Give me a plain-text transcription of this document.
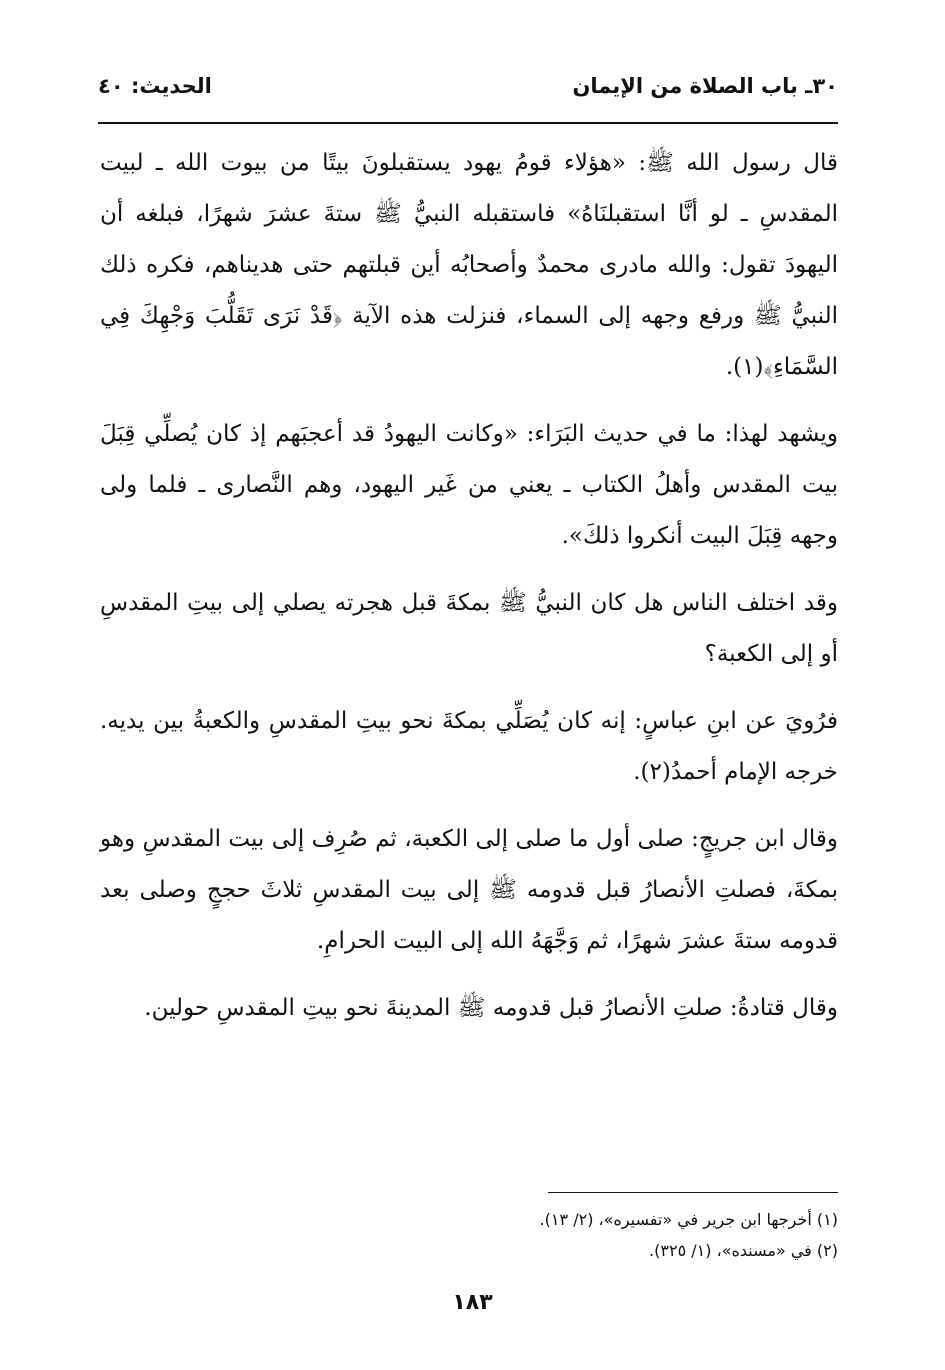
٣٠ـ باب الصلاة من الإيمان
الحديث: ٤٠

قال رسول الله ﷺ: «هؤلاء قومُ يهود يستقبلونَ بيتًا من بيوت الله ـ لبيت المقدسِ ـ لو أنَّا استقبلنَاهُ» فاستقبله النبيُّ ﷺ ستةَ عشرَ شهرًا، فبلغه أن اليهودَ تقول: والله مادرى محمدٌ وأصحابُه أين قبلتهم حتى هديناهم، فكره ذلك النبيُّ ﷺ ورفع وجهه إلى السماء، فنزلت هذه الآية ﴿قَدْ نَرَى تَقَلُّبَ وَجْهِكَ فِي السَّمَاءِ﴾(١).

ويشهد لهذا: ما في حديث البَرَاء: «وكانت اليهودُ قد أعجبَهم إذ كان يُصلِّي قِبَلَ بيت المقدس وأهلُ الكتاب ـ يعني من غَير اليهود، وهم النَّصارى ـ فلما ولى وجهه قِبَلَ البيت أنكروا ذلكَ».

وقد اختلف الناس هل كان النبيُّ ﷺ بمكةَ قبل هجرته يصلي إلى بيتِ المقدسِ أو إلى الكعبة؟

فرُويَ عن ابنِ عباسٍ: إنه كان يُصَلِّي بمكةَ نحو بيتِ المقدسِ والكعبةُ بين يديه. خرجه الإمام أحمدُ(٢).

وقال ابن جريجٍ: صلى أول ما صلى إلى الكعبة، ثم صُرِف إلى بيت المقدسِ وهو بمكةَ، فصلتِ الأنصارُ قبل قدومه ﷺ إلى بيت المقدسِ ثلاثَ حججٍ وصلى بعد قدومه ستةَ عشرَ شهرًا، ثم وَجَّهَهُ الله إلى البيت الحرامِ.

وقال قتادةُ: صلتِ الأنصارُ قبل قدومه ﷺ المدينةَ نحو بيتِ المقدسِ حولين.

(١) أخرجها ابن جرير في «تفسيره»، (٢/ ١٣).
(٢) في «مسنده»، (١/ ٣٢٥).
١٨٣
